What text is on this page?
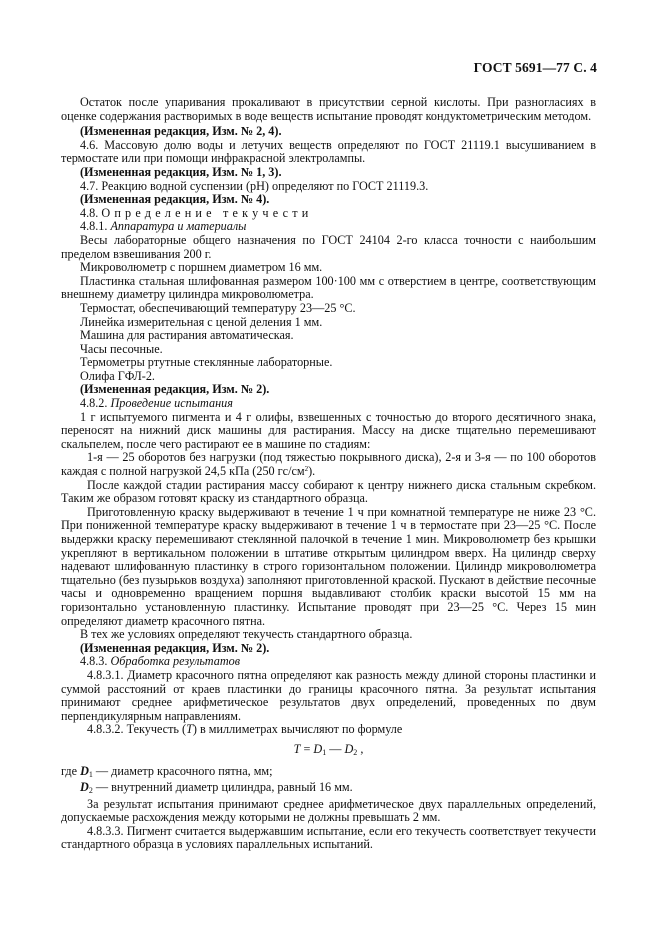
ГОСТ 5691—77 С. 4

Остаток после упаривания прокаливают в присутствии серной кислоты. При разногласиях в оценке содержания растворимых в воде веществ испытание проводят кондуктометрическим методом.

(Измененная редакция, Изм. № 2, 4).

4.6. Массовую долю воды и летучих веществ определяют по ГОСТ 21119.1 высушиванием в термостате или при помощи инфракрасной электролампы.

(Измененная редакция, Изм. № 1, 3).

4.7. Реакцию водной суспензии (pH) определяют по ГОСТ 21119.3.

(Измененная редакция, Изм. № 4).

4.8. Определение текучести

4.8.1. Аппаратура и материалы

Весы лабораторные общего назначения по ГОСТ 24104 2-го класса точности с наибольшим пределом взвешивания 200 г.

Микроволюметр с поршнем диаметром 16 мм.

Пластинка стальная шлифованная размером 100·100 мм с отверстием в центре, соответствующим внешнему диаметру цилиндра микроволюметра.

Термостат, обеспечивающий температуру 23—25 °С.

Линейка измерительная с ценой деления 1 мм.

Машина для растирания автоматическая.

Часы песочные.

Термометры ртутные стеклянные лабораторные.

Олифа ГФЛ-2.

(Измененная редакция, Изм. № 2).

4.8.2. Проведение испытания

1 г испытуемого пигмента и 4 г олифы, взвешенных с точностью до второго десятичного знака, переносят на нижний диск машины для растирания. Массу на диске тщательно перемешивают скальпелем, после чего растирают ее в машине по стадиям:

1-я — 25 оборотов без нагрузки (под тяжестью покрывного диска), 2-я и 3-я — по 100 оборотов каждая с полной нагрузкой 24,5 кПа (250 $гс/см^2$).

После каждой стадии растирания массу собирают к центру нижнего диска стальным скребком. Таким же образом готовят краску из стандартного образца.

Приготовленную краску выдерживают в течение 1 ч при комнатной температуре не ниже 23 °С. При пониженной температуре краску выдерживают в течение 1 ч в термостате при 23—25 °С. После выдержки краску перемешивают стеклянной палочкой в течение 1 мин. Микроволюметр без крышки укрепляют в вертикальном положении в штативе открытым цилиндром вверх. На цилиндр сверху надевают шлифованную пластинку в строго горизонтальном положении. Цилиндр микроволюметра тщательно (без пузырьков воздуха) заполняют приготовленной краской. Пускают в действие песочные часы и одновременно вращением поршня выдавливают столбик краски высотой 15 мм на горизонтально установленную пластинку. Испытание проводят при 23—25 °С. Через 15 мин определяют диаметр красочного пятна.

В тех же условиях определяют текучесть стандартного образца.

(Измененная редакция, Изм. № 2).

4.8.3. Обработка результатов

4.8.3.1. Диаметр красочного пятна определяют как разность между длиной стороны пластинки и суммой расстояний от краев пластинки до границы красочного пятна. За результат испытания принимают среднее арифметическое результатов двух определений, проведенных по двум перпендикулярным направлениям.

4.8.3.2. Текучесть (T) в миллиметрах вычисляют по формуле

$T = D_1$ — $D_2$ ,

где $D_1$ — диаметр красочного пятна, мм;

$D_2$ — внутренний диаметр цилиндра, равный 16 мм.

За результат испытания принимают среднее арифметическое двух параллельных определений, допускаемые расхождения между которыми не должны превышать 2 мм.

4.8.3.3. Пигмент считается выдержавшим испытание, если его текучесть соответствует текучести стандартного образца в условиях параллельных испытаний.
